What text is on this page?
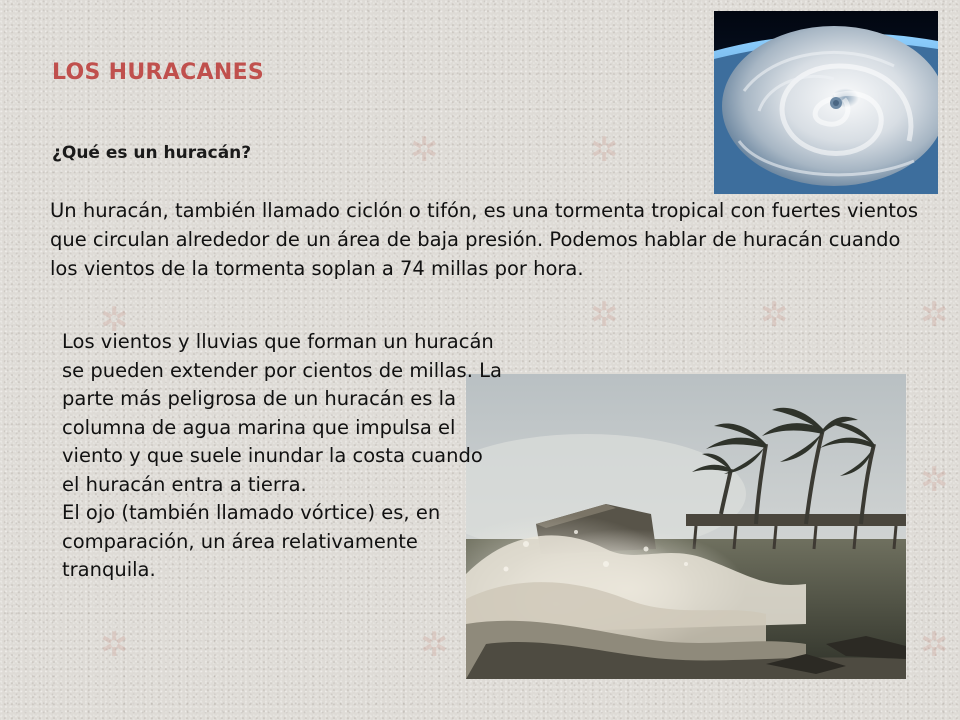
✲	✲
✲	✲	✲	✲
✲
✲	✲
✲
LOS HURACANES
¿Qué es un huracán?

Un huracán, también llamado ciclón o tifón, es una tormenta tropical con fuertes vientos que circulan alrededor de un área de baja presión. Podemos hablar de huracán cuando los vientos de la tormenta soplan a 74 millas por hora.

Los vientos y lluvias que forman un huracán se pueden extender por cientos de millas. La parte más peligrosa de un huracán es la columna de agua marina que impulsa el viento y que suele inundar la costa cuando el huracán entra a tierra.

El ojo (también llamado vórtice) es, en comparación, un área relativamente tranquila.
